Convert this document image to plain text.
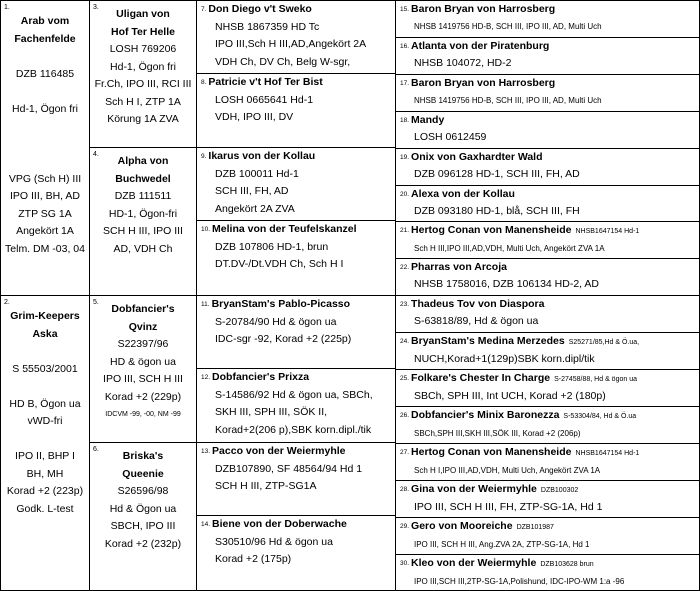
1.
Arab vom
Fachenfelde

DZB 116485

Hd-1, Ögon fri

VPG (Sch H) III
IPO III, BH, AD
ZTP SG 1A
Angekört 1A
Telm. DM -03, 04
2.
Grim-Keepers
Aska

S 55503/2001

HD B, Ögon ua
vWD-fri

IPO II, BHP I
BH, MH
Korad +2 (223p)
Godk. L-test
3.
Uligan von
Hof Ter Helle
LOSH 769206
Hd-1, Ögon fri
Fr.Ch, IPO III, RCI III
Sch H I, ZTP 1A
Körung 1A ZVA
4.
Alpha von
Buchwedel
DZB 111511
HD-1, Ögon-fri
SCH H III, IPO III
AD, VDH Ch
5.
Dobfancier's
Qvinz
S22397/96
HD & ögon ua
IPO III, SCH H III
Korad +2 (229p)
IDCVM -99, -00, NM -99
6.
Briska's
Queenie
S26596/98
Hd & Ögon ua
SBCH, IPO III
Korad +2 (232p)
7. Don Diego v't Sweko
NHSB 1867359 HD Tc
IPO III,Sch H III,AD,Angekört 2A
VDH Ch, DV Ch, Belg W-sgr,
8. Patricie v't Hof Ter Bist
LOSH 0665641 Hd-1
VDH, IPO III, DV
9. Ikarus von der Kollau
DZB 100011 Hd-1
SCH III, FH, AD
Angekört 2A ZVA
10. Melina von der Teufelskanzel
DZB 107806 HD-1, brun
DT.DV-/Dt.VDH Ch, Sch H I
11. BryanStam's Pablo-Picasso
S-20784/90 Hd & ögon ua
IDC-sgr -92, Korad +2 (225p)
12. Dobfancier's Prixza
S-14586/92 Hd & ögon ua, SBCh,
SKH III, SPH III, SÖK II,
Korad+2(206 p),SBK korn.dipl./tik
13. Pacco von der Weiermyhle
DZB107890, SF 48564/94 Hd 1
SCH H III, ZTP-SG1A
14. Biene von der Doberwache
S30510/96 Hd & ögon ua
Korad +2 (175p)
15. Baron Bryan von Harrosberg
NHSB 1419756 HD-B, SCH III, IPO III, AD, Multi Uch
16. Atlanta von der Piratenburg
NHSB 104072, HD-2
17. Baron Bryan von Harrosberg
NHSB 1419756 HD-B, SCH III, IPO III, AD, Multi Uch
18. Mandy
LOSH 0612459
19. Onix von Gaxhardter Wald
DZB 096128 HD-1, SCH III, FH, AD
20. Alexa von der Kollau
DZB 093180 HD-1, blå, SCH III, FH
21. Hertog Conan von Manensheide NHSB1647154 Hd-1
Sch H III,IPO III,AD,VDH, Multi Uch, Angekört ZVA 1A
22. Pharras von Arcoja
NHSB 1758016, DZB 106134 HD-2, AD
23. Thadeus Tov von Diaspora
S-63818/89, Hd & ögon ua
24. BryanStam's Medina Merzedes S25271/85,Hd & Ö.ua,
NUCH,Korad+1(129p)SBK korn.dipl/tik
25. Folkare's Chester In Charge S-27458/88, Hd & ögon ua
SBCh, SPH III, Int UCH, Korad +2 (180p)
26. Dobfancier's Minix Baronezza S-53304/84, Hd & Ö.ua
SBCh,SPH III,SKH III,SÖK III, Korad +2 (206p)
27. Hertog Conan von Manensheide NHSB1647154 Hd-1
Sch H I,IPO III,AD,VDH, Multi Uch, Angekört ZVA 1A
28. Gina von der Weiermyhle DZB100302
IPO III, SCH H III, FH, ZTP-SG-1A, Hd 1
29. Gero von Mooreiche DZB101987
IPO III, SCH H III, Ang.ZVA 2A, ZTP-SG-1A, Hd 1
30. Kleo von der Weiermyhle DZB103628 brun
IPO III,SCH III,2TP-SG-1A,Polishund, IDC-IPO-WM 1:a -96
